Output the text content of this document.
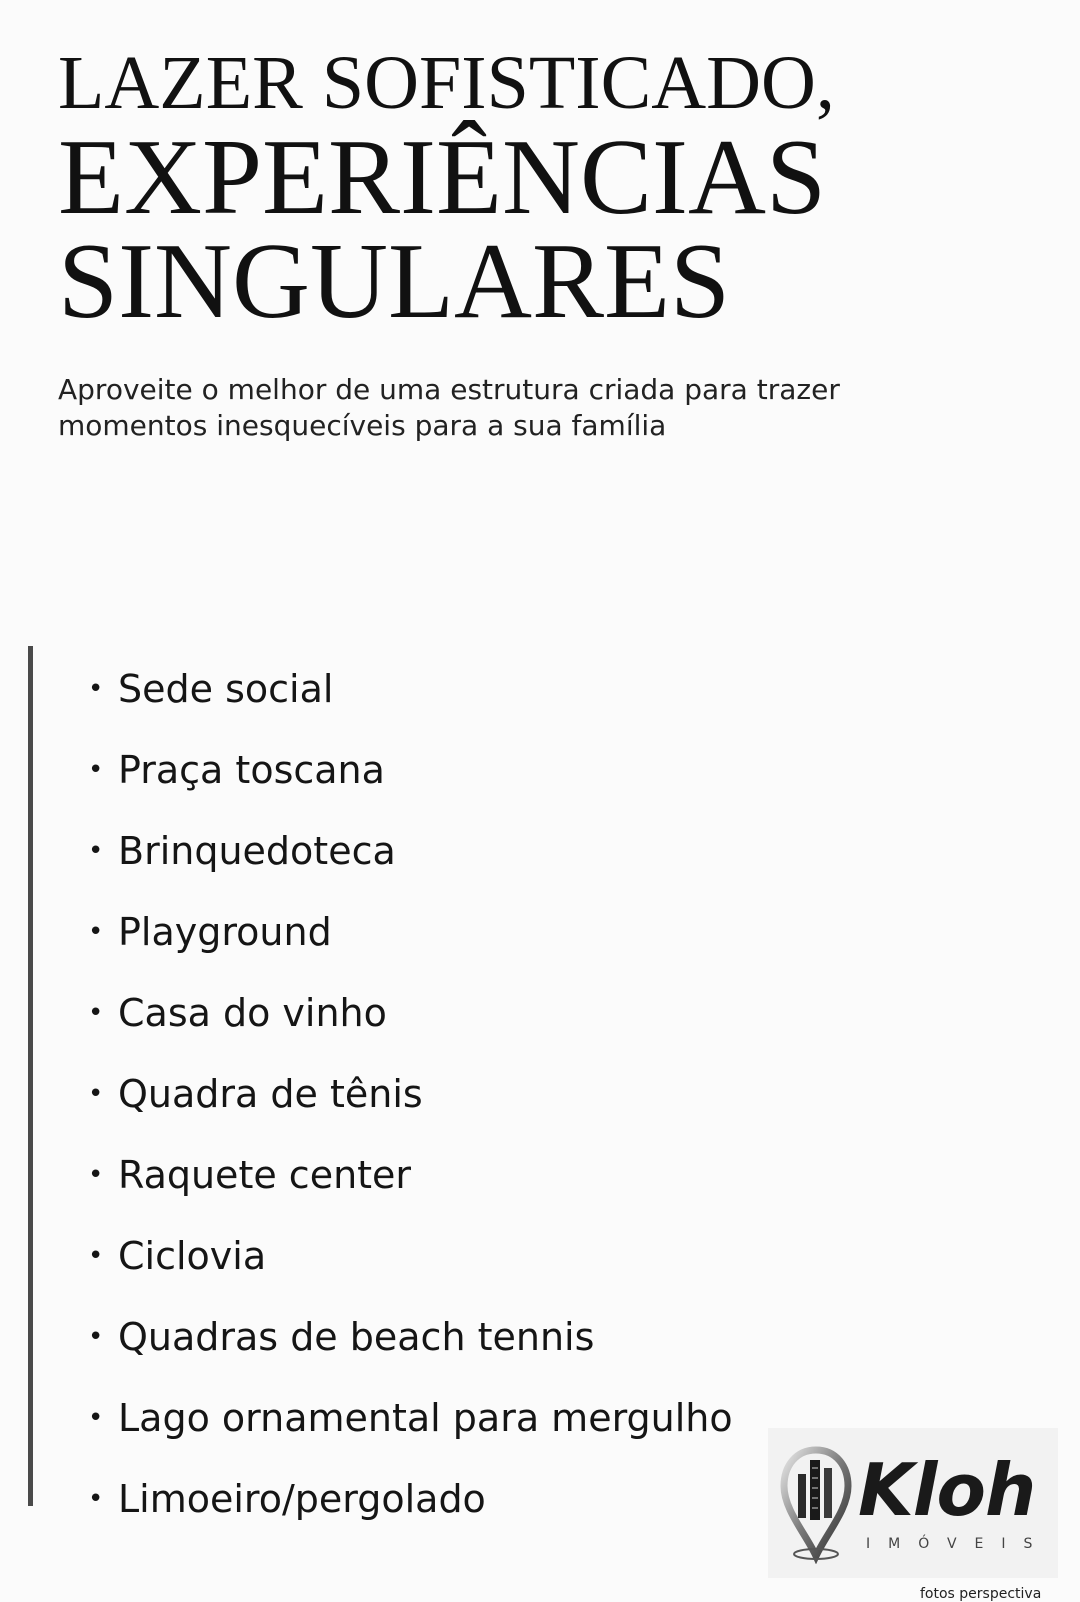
LAZER SOFISTICADO,
EXPERIÊNCIAS
SINGULARES

Aproveite o melhor de uma estrutura criada para trazer
momentos inesquecíveis para a sua família

• Sede social
• Praça toscana
• Brinquedoteca
• Playground
• Casa do vinho
• Quadra de tênis
• Raquete center
• Ciclovia
• Quadras de beach tennis
• Lago ornamental para mergulho
• Limoeiro/pergolado	Kloh
IMÓVEIS
fotos perspectiva
